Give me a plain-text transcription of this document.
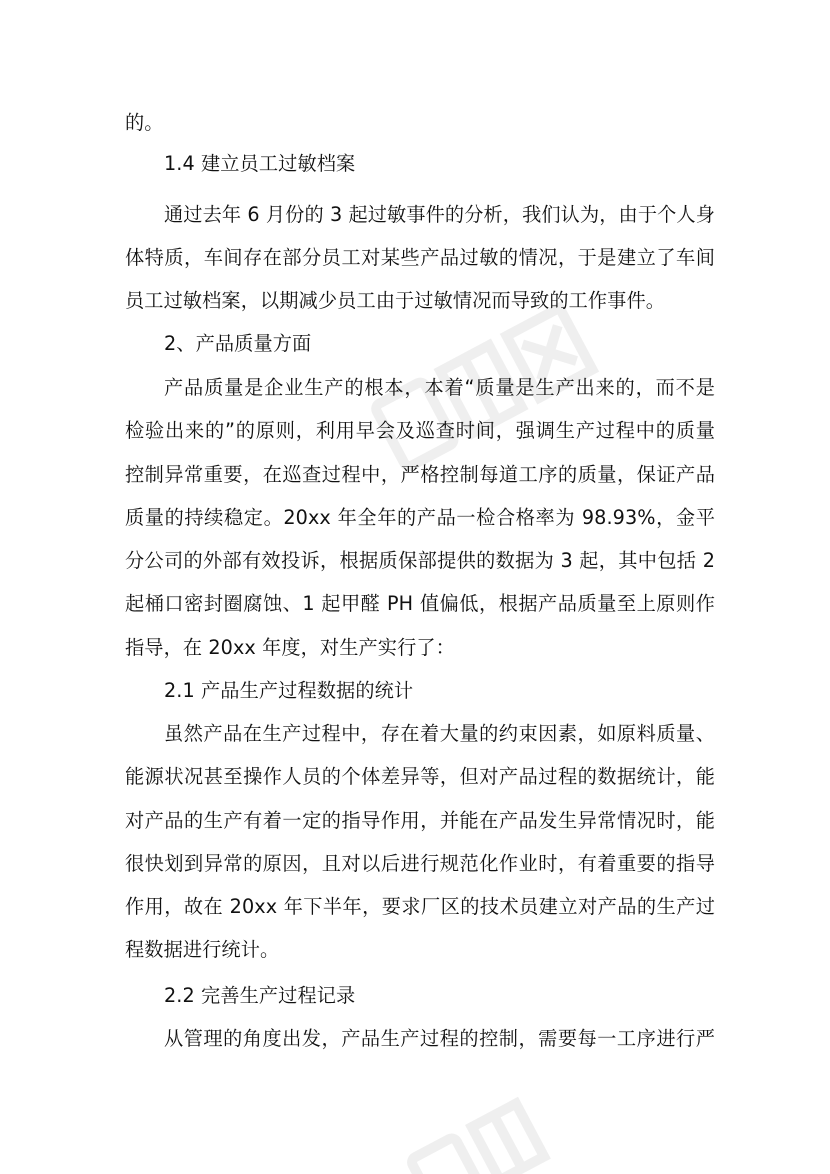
的。
1.4 建立员工过敏档案
通过去年 6 月份的 3 起过敏事件的分析，我们认为，由于个人身
体特质，车间存在部分员工对某些产品过敏的情况，于是建立了车间
员工过敏档案，以期减少员工由于过敏情况而导致的工作事件。
2、产品质量方面
产品质量是企业生产的根本，本着“质量是生产出来的，而不是
检验出来的”的原则，利用早会及巡查时间，强调生产过程中的质量
控制异常重要，在巡查过程中，严格控制每道工序的质量，保证产品
质量的持续稳定。20xx 年全年的产品一检合格率为 98.93%，金平
分公司的外部有效投诉，根据质保部提供的数据为 3 起，其中包括 2
起桶口密封圈腐蚀、1 起甲醛 PH 值偏低，根据产品质量至上原则作
指导，在 20xx 年度，对生产实行了：
2.1 产品生产过程数据的统计
虽然产品在生产过程中，存在着大量的约束因素，如原料质量、
能源状况甚至操作人员的个体差异等，但对产品过程的数据统计，能
对产品的生产有着一定的指导作用，并能在产品发生异常情况时，能
很快划到异常的原因，且对以后进行规范化作业时，有着重要的指导
作用，故在 20xx 年下半年，要求厂区的技术员建立对产品的生产过
程数据进行统计。
2.2 完善生产过程记录
从管理的角度出发，产品生产过程的控制，需要每一工序进行严
